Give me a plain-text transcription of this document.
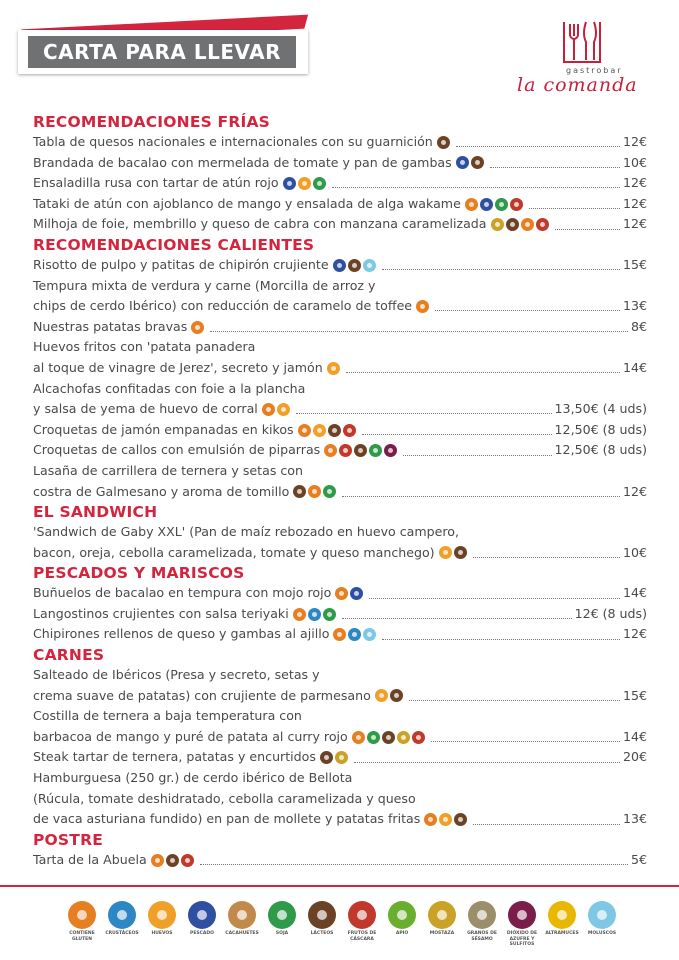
CARTA PARA LLEVAR
gastrobar
la comanda
RECOMENDACIONES FRÍAS
Tabla de quesos nacionales e internacionales con su guarnición	12€
Brandada de bacalao con mermelada de tomate y pan de gambas	10€
Ensaladilla rusa con tartar de atún rojo	12€
Tataki de atún con ajoblanco de mango y ensalada de alga wakame	12€
Milhoja de foie, membrillo y queso de cabra con manzana caramelizada	12€
RECOMENDACIONES CALIENTES
Risotto de pulpo y patitas de chipirón crujiente	15€
Tempura mixta de verdura y carne (Morcilla de arroz y
chips de cerdo Ibérico) con reducción de caramelo de toffee	13€
Nuestras patatas bravas	8€
Huevos fritos con 'patata panadera
al toque de vinagre de Jerez', secreto y jamón	14€
Alcachofas confitadas con foie a la plancha
y salsa de yema de huevo de corral	13,50€ (4 uds)
Croquetas de jamón empanadas en kikos	12,50€ (8 uds)
Croquetas de callos con emulsión de piparras	12,50€ (8 uds)
Lasaña de carrillera de ternera y setas con
costra de Galmesano y aroma de tomillo	12€
EL SANDWICH
'Sandwich de Gaby XXL' (Pan de maíz rebozado en huevo campero,
bacon, oreja, cebolla caramelizada, tomate y queso manchego)	10€
PESCADOS Y MARISCOS
Buñuelos de bacalao en tempura con mojo rojo	14€
Langostinos crujientes con salsa teriyaki	12€ (8 uds)
Chipirones rellenos de queso y gambas al ajillo	12€
CARNES
Salteado de Ibéricos (Presa y secreto, setas y
crema suave de patatas) con crujiente de parmesano	15€
Costilla de ternera a baja temperatura con
barbacoa de mango y puré de patata al curry rojo	14€
Steak tartar de ternera, patatas y encurtidos	20€
Hamburguesa (250 gr.) de cerdo ibérico de Bellota
(Rúcula, tomate deshidratado, cebolla caramelizada y queso
de vaca asturiana fundido) en pan de mollete y patatas fritas	13€
POSTRE
Tarta de la Abuela	5€
CONTIENE GLUTEN
CRUSTÁCEOS	HUEVOS	PESCADO	CACAHUETES	SOJA	LÁCTEOS	FRUTOS DE CÁSCARA
APIO	MOSTAZA	GRANOS DE SÉSAMO
DIÓXIDO DE AZUFRE Y SULFITOS
ALTRAMUCES	MOLUSCOS
